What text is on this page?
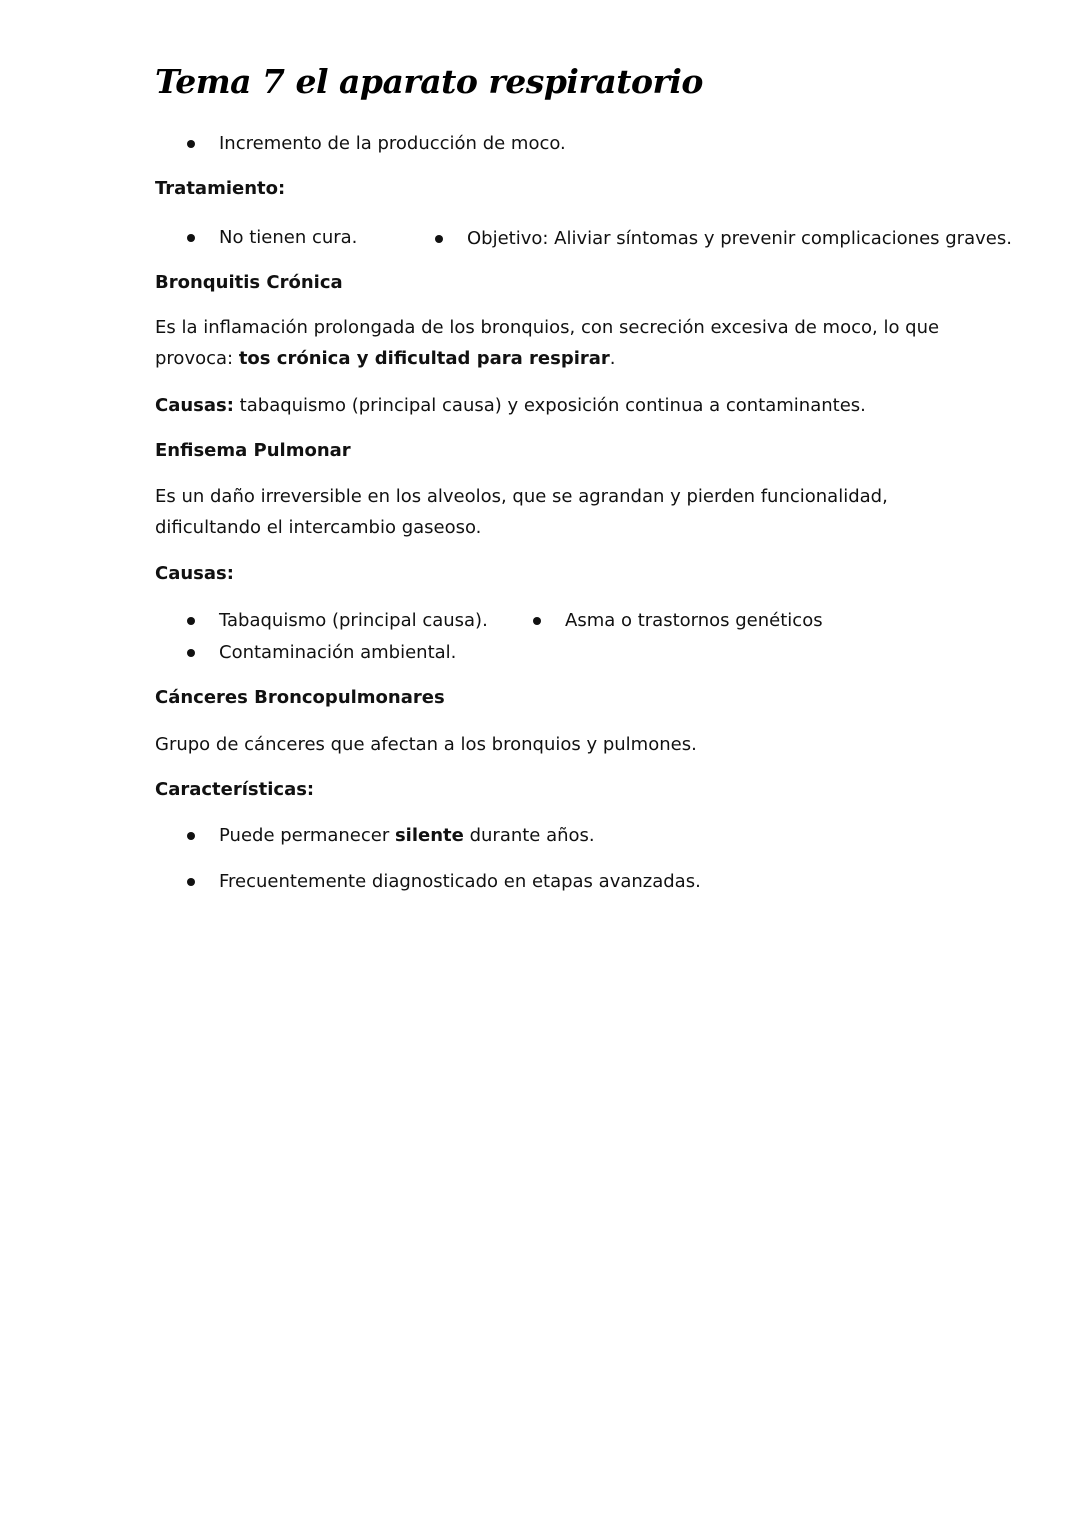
Tema 7 el aparato respiratorio
Incremento de la producción de moco.
Tratamiento:
No tienen cura.	Objetivo: Aliviar síntomas y prevenir complicaciones graves.
Bronquitis Crónica
Es la inflamación prolongada de los bronquios, con secreción excesiva de moco, lo que
provoca: tos crónica y dificultad para respirar.
Causas: tabaquismo (principal causa) y exposición continua a contaminantes.
Enfisema Pulmonar
Es un daño irreversible en los alveolos, que se agrandan y pierden funcionalidad,
dificultando el intercambio gaseoso.
Causas:
Tabaquismo (principal causa).	Asma o trastornos genéticos
Contaminación ambiental.
Cánceres Broncopulmonares
Grupo de cánceres que afectan a los bronquios y pulmones.
Características:
Puede permanecer silente durante años.
Frecuentemente diagnosticado en etapas avanzadas.
